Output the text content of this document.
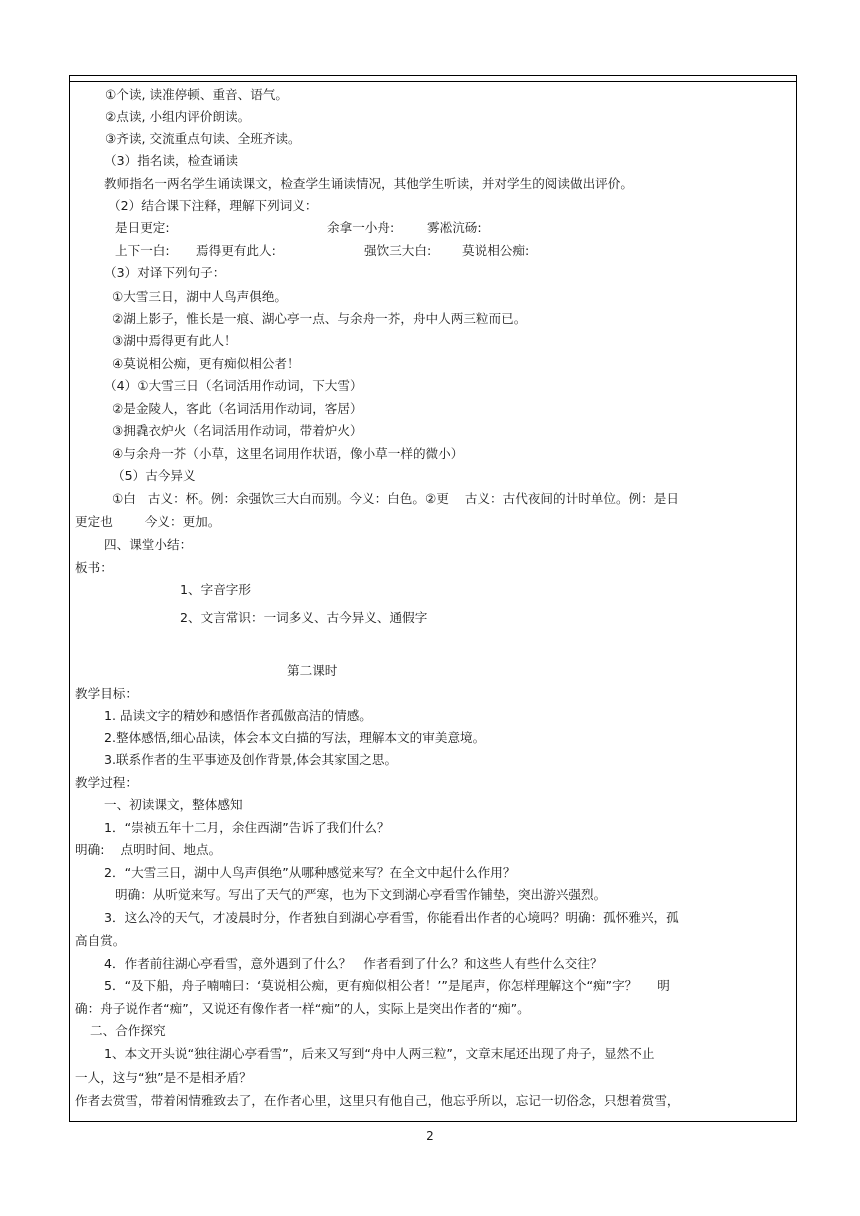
①个读, 读准停顿、重音、语气。
②点读, 小组内评价朗读。
③齐读, 交流重点句读、全班齐读。
（3）指名读，检查诵读
教师指名一两名学生诵读课文，检查学生诵读情况，其他学生听读，并对学生的阅读做出评价。
（2）结合课下注释，理解下列词义：
是日更定:	余拿一小舟:	雾凇沆砀:
上下一白: 焉得更有此人:	强饮三大白: 莫说相公痴:
（3）对译下列句子：
①大雪三日，湖中人鸟声俱绝。
②湖上影子，惟长是一痕、湖心亭一点、与余舟一芥，舟中人两三粒而已。
③湖中焉得更有此人！
④莫说相公痴，更有痴似相公者！
（4）①大雪三日（名词活用作动词，下大雪）
②是金陵人，客此（名词活用作动词，客居）
③拥毳衣炉火（名词活用作动词，带着炉火）
④与余舟一芥（小草，这里名词用作状语，像小草一样的微小）
（5）古今异义
①白   古义：杯。例：余强饮三大白而别。今义：白色。②更    古义：古代夜间的计时单位。例：是日
更定也        今义：更加。
四、课堂小结：
板书：
1、字音字形
2、文言常识：一词多义、古今异义、通假字
第二课时
教学目标：
1. 品读文字的精妙和感悟作者孤傲高洁的情感。
2.整体感悟,细心品读，体会本文白描的写法，理解本文的审美意境。
3.联系作者的生平事迹及创作背景,体会其家国之思。
教学过程：
一、初读课文，整体感知
1．“崇祯五年十二月，余住西湖”告诉了我们什么？
明确:    点明时间、地点。
2．“大雪三日，湖中人鸟声俱绝”从哪种感觉来写？在全文中起什么作用？
明确：从听觉来写。写出了天气的严寒，也为下文到湖心亭看雪作铺垫，突出游兴强烈。
3．这么冷的天气，才凌晨时分，作者独自到湖心亭看雪，你能看出作者的心境吗？明确：孤怀雅兴，孤
高自赏。
4．作者前往湖心亭看雪，意外遇到了什么？   作者看到了什么？和这些人有些什么交往？
5．“及下船，舟子喃喃曰：‘莫说相公痴，更有痴似相公者！’”是尾声，你怎样理解这个“痴”字？     明
确：舟子说作者“痴”，又说还有像作者一样“痴”的人，实际上是突出作者的“痴”。
二、合作探究
1、本文开头说“独往湖心亭看雪”，后来又写到“舟中人两三粒”，文章末尾还出现了舟子，显然不止
一人，这与“独”是不是相矛盾？
作者去赏雪，带着闲情雅致去了，在作者心里，这里只有他自己，他忘乎所以，忘记一切俗念，只想着赏雪，
2
